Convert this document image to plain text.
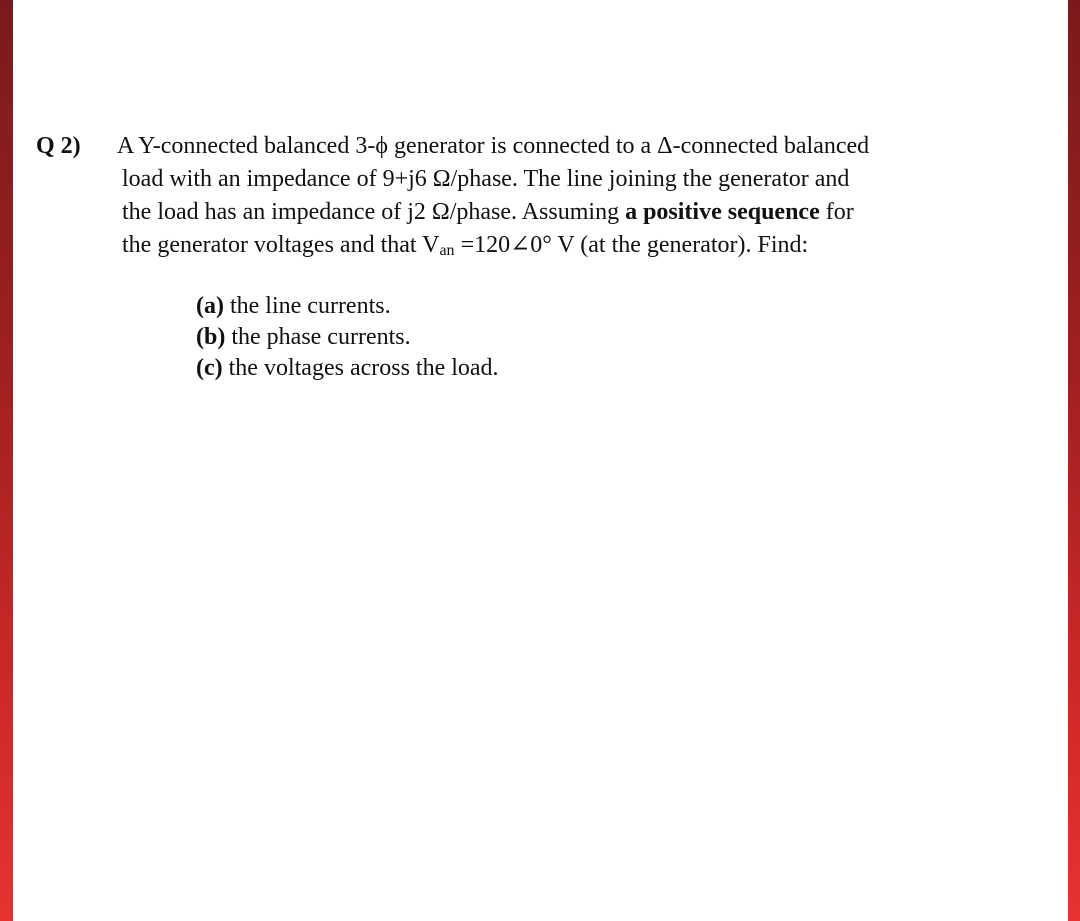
Q 2) A Y-connected balanced 3-ϕ generator is connected to a Δ-connected balanced
load with an impedance of 9+j6 Ω/phase. The line joining the generator and
the load has an impedance of j2 Ω/phase. Assuming a positive sequence for
the generator voltages and that Van =120∠0° V (at the generator). Find:
(a) the line currents.
(b) the phase currents.
(c) the voltages across the load.
